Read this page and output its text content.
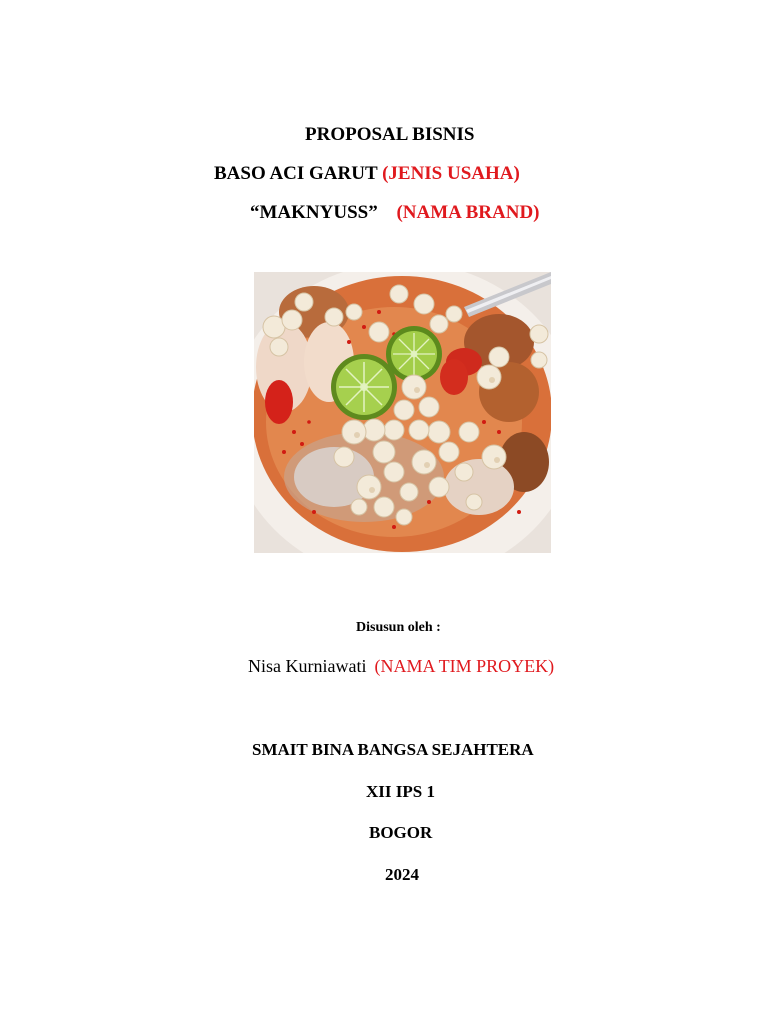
PROPOSAL BISNIS
BASO ACI GARUT (JENIS USAHA)
“MAKNYUSS” (NAMA BRAND)
Disusun oleh :
Nisa Kurniawati (NAMA TIM PROYEK)
SMAIT BINA BANGSA SEJAHTERA
XII IPS 1
BOGOR
2024
